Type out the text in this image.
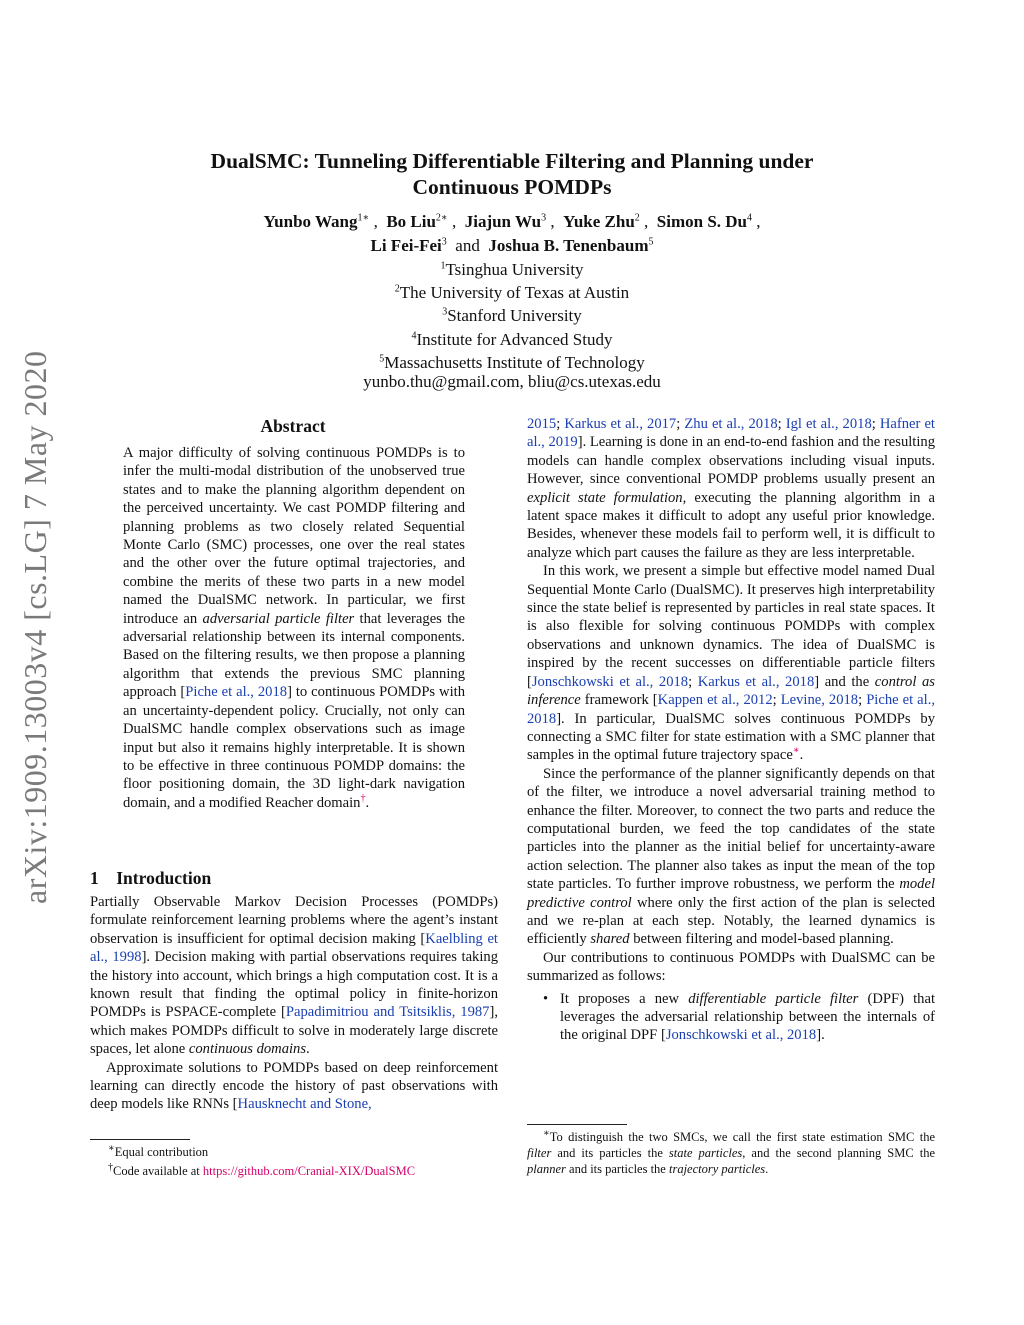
arXiv:1909.13003v4 [cs.LG] 7 May 2020
DualSMC: Tunneling Differentiable Filtering and Planning under
Continuous POMDPs
Yunbo Wang$^{1∗}$ ,  Bo Liu$^{2∗}$ ,  Jiajun Wu$^3$ ,  Yuke Zhu$^2$ ,  Simon S. Du$^4$ ,
Li Fei-Fei$^3$ and Joshua B. Tenenbaum$^5$
$^1$Tsinghua University
$^2$The University of Texas at Austin
$^3$Stanford University
$^4$Institute for Advanced Study
$^5$Massachusetts Institute of Technology
yunbo.thu@gmail.com, bliu@cs.utexas.edu
Abstract

A major difficulty of solving continuous POMDPs is to infer the multi-modal distribution of the unobserved true states and to make the planning algorithm dependent on the perceived uncertainty. We cast POMDP filtering and planning problems as two closely related Sequential Monte Carlo (SMC) processes, one over the real states and the other over the future optimal trajectories, and combine the merits of these two parts in a new model named the DualSMC network. In particular, we first introduce an adversarial particle filter that leverages the adversarial relationship between its internal components. Based on the filtering results, we then propose a planning algorithm that extends the previous SMC planning approach [Piche et al., 2018] to continuous POMDPs with an uncertainty-dependent policy. Crucially, not only can DualSMC handle complex observations such as image input but also it remains highly interpretable. It is shown to be effective in three continuous POMDP domains: the floor positioning domain, the 3D light-dark navigation domain, and a modified Reacher domain†.

1    Introduction

Partially Observable Markov Decision Processes (POMDPs) formulate reinforcement learning problems where the agent’s instant observation is insufficient for optimal decision making [Kaelbling et al., 1998]. Decision making with partial observations requires taking the history into account, which brings a high computation cost. It is a known result that finding the optimal policy in finite-horizon POMDPs is PSPACE-complete [Papadimitriou and Tsitsiklis, 1987], which makes POMDPs difficult to solve in moderately large discrete spaces, let alone continuous domains.

Approximate solutions to POMDPs based on deep reinforcement learning can directly encode the history of past observations with deep models like RNNs [Hausknecht and Stone,

∗Equal contribution
†Code available at https://github.com/Cranial-XIX/DualSMC

2015; Karkus et al., 2017; Zhu et al., 2018; Igl et al., 2018; Hafner et al., 2019]. Learning is done in an end-to-end fashion and the resulting models can handle complex observations including visual inputs. However, since conventional POMDP problems usually present an explicit state formulation, executing the planning algorithm in a latent space makes it difficult to adopt any useful prior knowledge. Besides, whenever these models fail to perform well, it is difficult to analyze which part causes the failure as they are less interpretable.

In this work, we present a simple but effective model named Dual Sequential Monte Carlo (DualSMC). It preserves high interpretability since the state belief is represented by particles in real state spaces. It is also flexible for solving continuous POMDPs with complex observations and unknown dynamics. The idea of DualSMC is inspired by the recent successes on differentiable particle filters [Jonschkowski et al., 2018; Karkus et al., 2018] and the control as inference framework [Kappen et al., 2012; Levine, 2018; Piche et al., 2018]. In particular, DualSMC solves continuous POMDPs by connecting a SMC filter for state estimation with a SMC planner that samples in the optimal future trajectory space∗.

Since the performance of the planner significantly depends on that of the filter, we introduce a novel adversarial training method to enhance the filter. Moreover, to connect the two parts and reduce the computational burden, we feed the top candidates of the state particles into the planner as the initial belief for uncertainty-aware action selection. The planner also takes as input the mean of the top state particles. To further improve robustness, we perform the model predictive control where only the first action of the plan is selected and we re-plan at each step. Notably, the learned dynamics is efficiently shared between filtering and model-based planning.

Our contributions to continuous POMDPs with DualSMC can be summarized as follows:

• It proposes a new differentiable particle filter (DPF) that leverages the adversarial relationship between the internals of the original DPF [Jonschkowski et al., 2018].
∗To distinguish the two SMCs, we call the first state estimation SMC the filter and its particles the state particles, and the second planning SMC the planner and its particles the trajectory particles.
